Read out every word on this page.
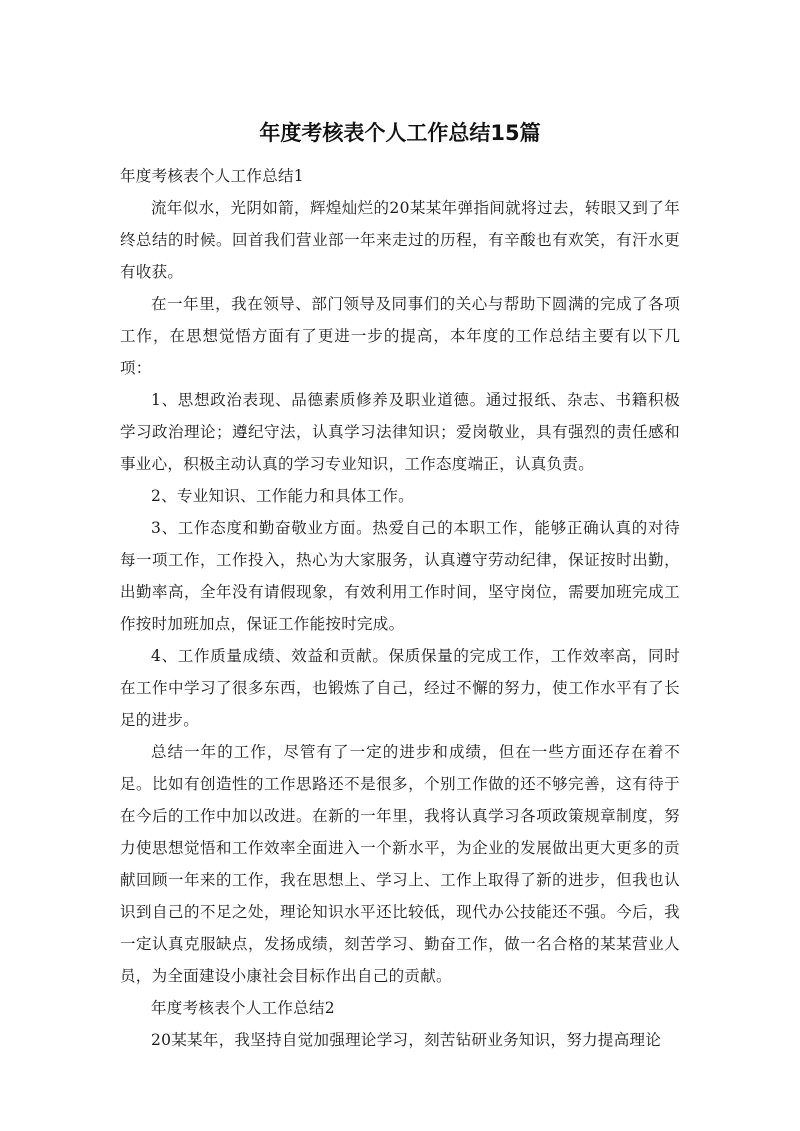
年度考核表个人工作总结15篇

年度考核表个人工作总结1

流年似水，光阴如箭，辉煌灿烂的20某某年弹指间就将过去，转眼又到了年终总结的时候。回首我们营业部一年来走过的历程，有辛酸也有欢笑，有汗水更有收获。

在一年里，我在领导、部门领导及同事们的关心与帮助下圆满的完成了各项工作，在思想觉悟方面有了更进一步的提高，本年度的工作总结主要有以下几项：

1、思想政治表现、品德素质修养及职业道德。通过报纸、杂志、书籍积极学习政治理论；遵纪守法，认真学习法律知识；爱岗敬业，具有强烈的责任感和事业心，积极主动认真的学习专业知识，工作态度端正，认真负责。

2、专业知识、工作能力和具体工作。

3、工作态度和勤奋敬业方面。热爱自己的本职工作，能够正确认真的对待每一项工作，工作投入，热心为大家服务，认真遵守劳动纪律，保证按时出勤，出勤率高，全年没有请假现象，有效利用工作时间，坚守岗位，需要加班完成工作按时加班加点，保证工作能按时完成。

4、工作质量成绩、效益和贡献。保质保量的完成工作，工作效率高，同时在工作中学习了很多东西，也锻炼了自己，经过不懈的努力，使工作水平有了长足的进步。

总结一年的工作，尽管有了一定的进步和成绩，但在一些方面还存在着不足。比如有创造性的工作思路还不是很多，个别工作做的还不够完善，这有待于在今后的工作中加以改进。在新的一年里，我将认真学习各项政策规章制度，努力使思想觉悟和工作效率全面进入一个新水平，为企业的发展做出更大更多的贡献回顾一年来的工作，我在思想上、学习上、工作上取得了新的进步，但我也认识到自己的不足之处，理论知识水平还比较低，现代办公技能还不强。今后，我一定认真克服缺点，发扬成绩，刻苦学习、勤奋工作，做一名合格的某某营业人员，为全面建设小康社会目标作出自己的贡献。

年度考核表个人工作总结2

20某某年，我坚持自觉加强理论学习，刻苦钻研业务知识，努力提高理论
